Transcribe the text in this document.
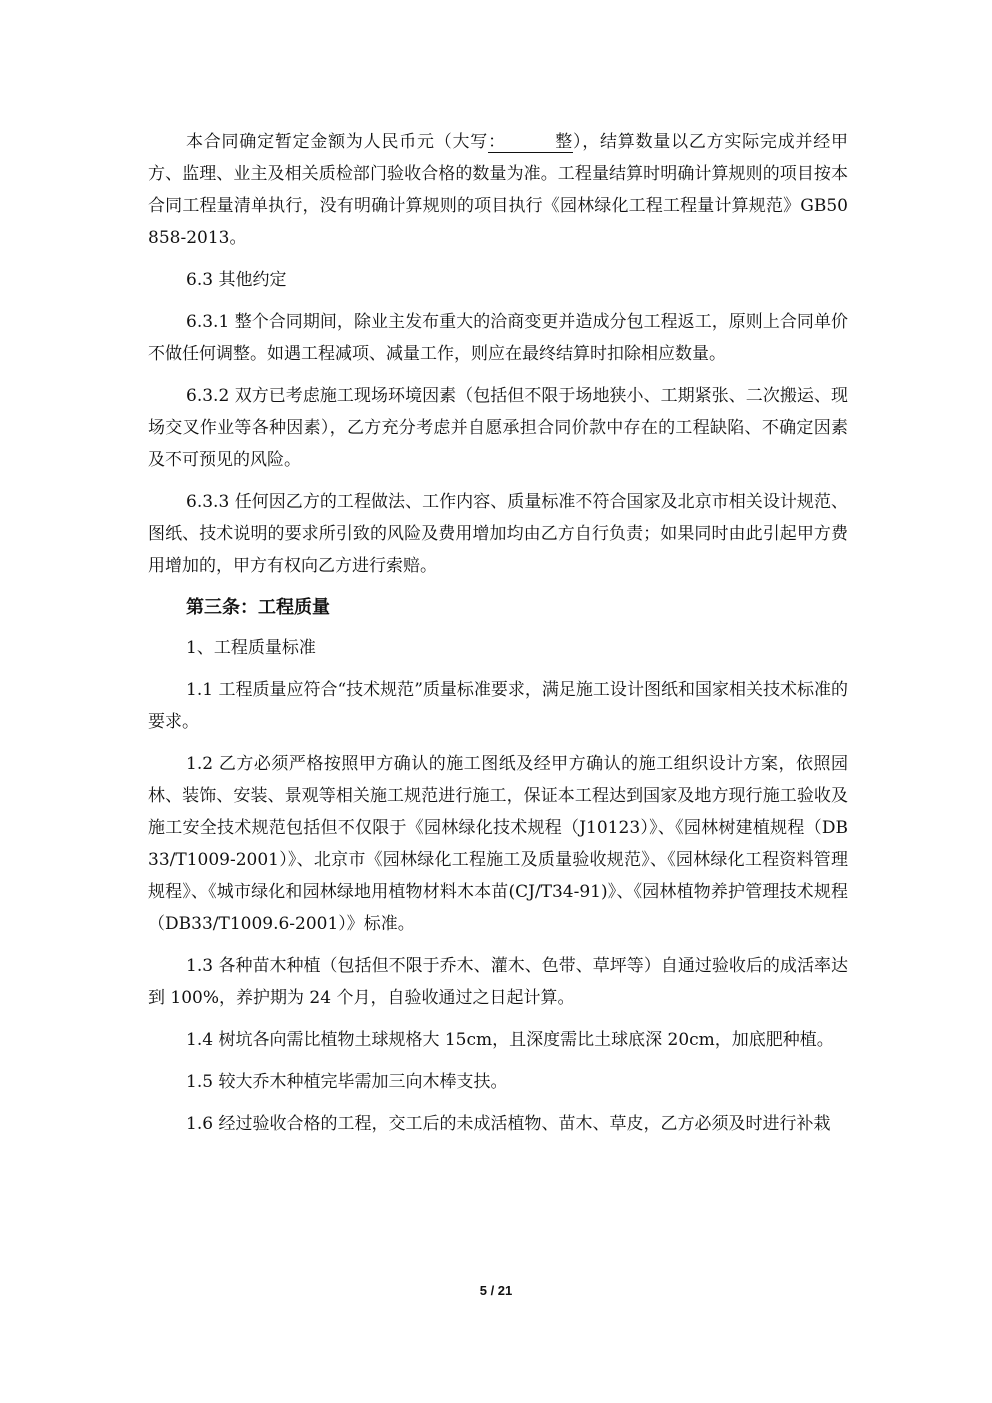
本合同确定暂定金额为人民币元（大写：        整），结算数量以乙方实际完成并经甲方、监理、业主及相关质检部门验收合格的数量为准。工程量结算时明确计算规则的项目按本合同工程量清单执行，没有明确计算规则的项目执行《园林绿化工程工程量计算规范》GB50858-2013。

6.3 其他约定

6.3.1 整个合同期间，除业主发布重大的洽商变更并造成分包工程返工，原则上合同单价不做任何调整。如遇工程减项、减量工作，则应在最终结算时扣除相应数量。

6.3.2 双方已考虑施工现场环境因素（包括但不限于场地狭小、工期紧张、二次搬运、现场交叉作业等各种因素），乙方充分考虑并自愿承担合同价款中存在的工程缺陷、不确定因素及不可预见的风险。

6.3.3 任何因乙方的工程做法、工作内容、质量标准不符合国家及北京市相关设计规范、图纸、技术说明的要求所引致的风险及费用增加均由乙方自行负责；如果同时由此引起甲方费用增加的，甲方有权向乙方进行索赔。

第三条：工程质量

1、工程质量标准

1.1 工程质量应符合“技术规范”质量标准要求，满足施工设计图纸和国家相关技术标准的要求。

1.2 乙方必须严格按照甲方确认的施工图纸及经甲方确认的施工组织设计方案，依照园林、装饰、安装、景观等相关施工规范进行施工，保证本工程达到国家及地方现行施工验收及施工安全技术规范包括但不仅限于《园林绿化技术规程（J10123）》、《园林树建植规程（DB33/T1009-2001）》、北京市《园林绿化工程施工及质量验收规范》、《园林绿化工程资料管理规程》、《城市绿化和园林绿地用植物材料木本苗(CJ/T34-91)》、《园林植物养护管理技术规程（DB33/T1009.6-2001）》标准。

1.3 各种苗木种植（包括但不限于乔木、灌木、色带、草坪等）自通过验收后的成活率达到 100%，养护期为 24 个月，自验收通过之日起计算。

1.4 树坑各向需比植物土球规格大 15cm，且深度需比土球底深 20cm，加底肥种植。

1.5 较大乔木种植完毕需加三向木棒支扶。

1.6 经过验收合格的工程，交工后的未成活植物、苗木、草皮，乙方必须及时进行补栽

5 / 21
